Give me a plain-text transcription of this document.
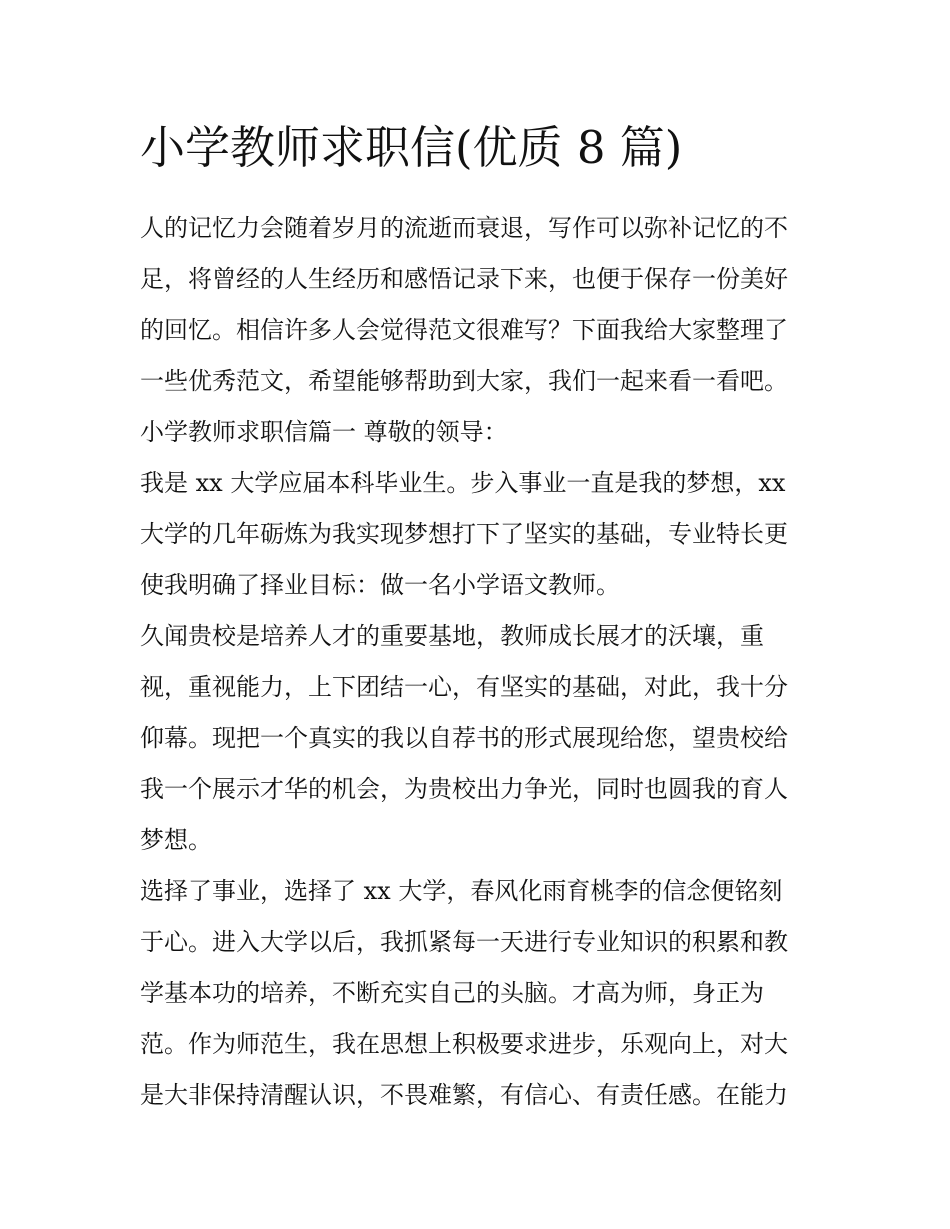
小学教师求职信(优质 8 篇)
人的记忆力会随着岁月的流逝而衰退，写作可以弥补记忆的不
足，将曾经的人生经历和感悟记录下来，也便于保存一份美好
的回忆。相信许多人会觉得范文很难写？下面我给大家整理了
一些优秀范文，希望能够帮助到大家，我们一起来看一看吧。
小学教师求职信篇一 尊敬的领导：
我是 xx 大学应届本科毕业生。步入事业一直是我的梦想，xx
大学的几年砺炼为我实现梦想打下了坚实的基础，专业特长更
使我明确了择业目标：做一名小学语文教师。
久闻贵校是培养人才的重要基地，教师成长展才的沃壤，重
视，重视能力，上下团结一心，有坚实的基础，对此，我十分
仰幕。现把一个真实的我以自荐书的形式展现给您，望贵校给
我一个展示才华的机会，为贵校出力争光，同时也圆我的育人
梦想。
选择了事业，选择了 xx 大学，春风化雨育桃李的信念便铭刻
于心。进入大学以后，我抓紧每一天进行专业知识的积累和教
学基本功的培养，不断充实自己的头脑。才高为师，身正为
范。作为师范生，我在思想上积极要求进步，乐观向上，对大
是大非保持清醒认识，不畏难繁，有信心、有责任感。在能力
